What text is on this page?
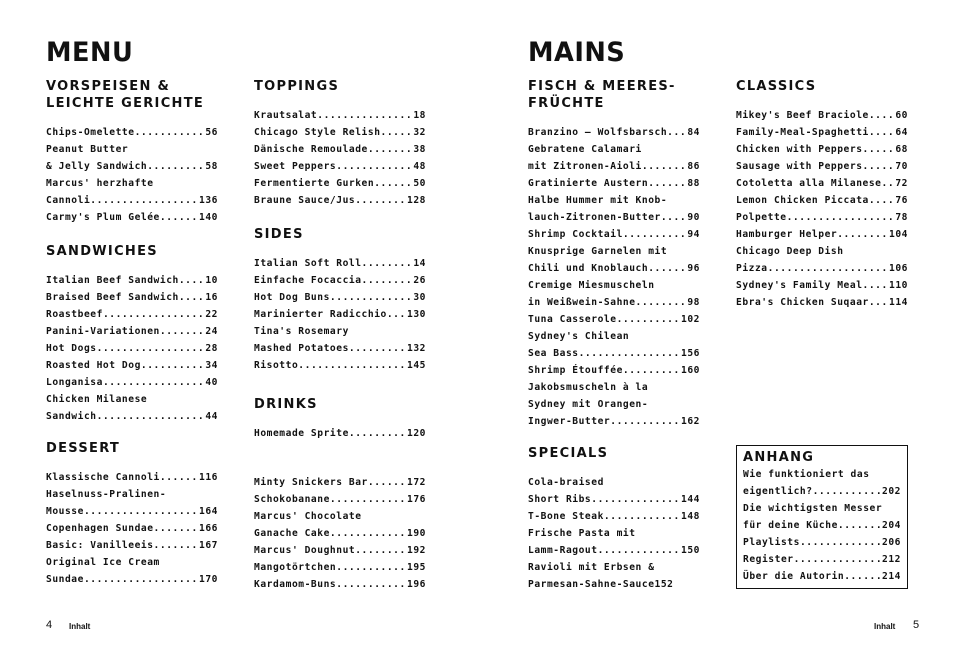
MENU	MAINS
VORSPEISEN &
LEICHTE GERICHTE
Chips-Omelette .....	56
Peanut Butter
& Jelly Sandwich .....	58
Marcus' herzhafte
Cannoli .....	136
Carmy's Plum Gelée .....	140
SANDWICHES
Italian Beef Sandwich .....	10
Braised Beef Sandwich .....	16
Roastbeef .....	22
Panini-Variationen .....	24
Hot Dogs .....	28
Roasted Hot Dog .....	34
Longanisa .....	40
Chicken Milanese
Sandwich .....	44
DESSERT
Klassische Cannoli .....	116
Haselnuss-Pralinen-
Mousse .....	164
Copenhagen Sundae .....	166
Basic: Vanilleeis .....	167
Original Ice Cream
Sundae .....	170
TOPPINGS
Krautsalat .....	18
Chicago Style Relish .....	32
Dänische Remoulade .....	38
Sweet Peppers .....	48
Fermentierte Gurken .....	50
Braune Sauce/Jus .....	128
SIDES
Italian Soft Roll .....	14
Einfache Focaccia .....	26
Hot Dog Buns .....	30
Marinierter Radicchio ..... 130
Tina's Rosemary
Mashed Potatoes .....	132
Risotto .....	145
DRINKS
Homemade Sprite .....	120
Minty Snickers Bar .....	172
Schokobanane .....	176
Marcus' Chocolate
Ganache Cake .....	190
Marcus' Doughnut .....	192
Mangotörtchen .....	195
Kardamom-Buns .....	196
FISCH & MEERES-
FRÜCHTE
Branzino – Wolfsbarsch ..... 84
Gebratene Calamari
mit Zitronen-Aioli .....	86
Gratinierte Austern .....	88
Halbe Hummer mit Knob-
lauch-Zitronen-Butter .....	90
Shrimp Cocktail .....	94
Knusprige Garnelen mit
Chili und Knoblauch .....	96
Cremige Miesmuscheln
in Weißwein-Sahne .....	98
Tuna Casserole .....	102
Sydney's Chilean
Sea Bass .....	156
Shrimp Étouffée .....	160
Jakobsmuscheln à la
Sydney mit Orangen-
Ingwer-Butter .....	162
SPECIALS
Cola-braised
Short Ribs .....	144
T-Bone Steak .....	148
Frische Pasta mit
Lamm-Ragout .....	150
Ravioli mit Erbsen &
Parmesan-Sahne-Sauce 152
CLASSICS
Mikey's Beef Braciole .....	60
Family-Meal-Spaghetti .....	64
Chicken with Peppers .....	68
Sausage with Peppers .....	70
Cotoletta alla Milanese ..... 72
Lemon Chicken Piccata .....	76
Polpette .....	78
Hamburger Helper .....	104
Chicago Deep Dish
Pizza .....	106
Sydney's Family Meal .....	110
Ebra's Chicken Suqaar ..... 114
ANHANG
Wie funktioniert das
eigentlich? .....	202
Die wichtigsten Messer
für deine Küche .....	204
Playlists .....	206
Register .....	212
Über die Autorin .....	214
4 Inhalt	Inhalt 5
